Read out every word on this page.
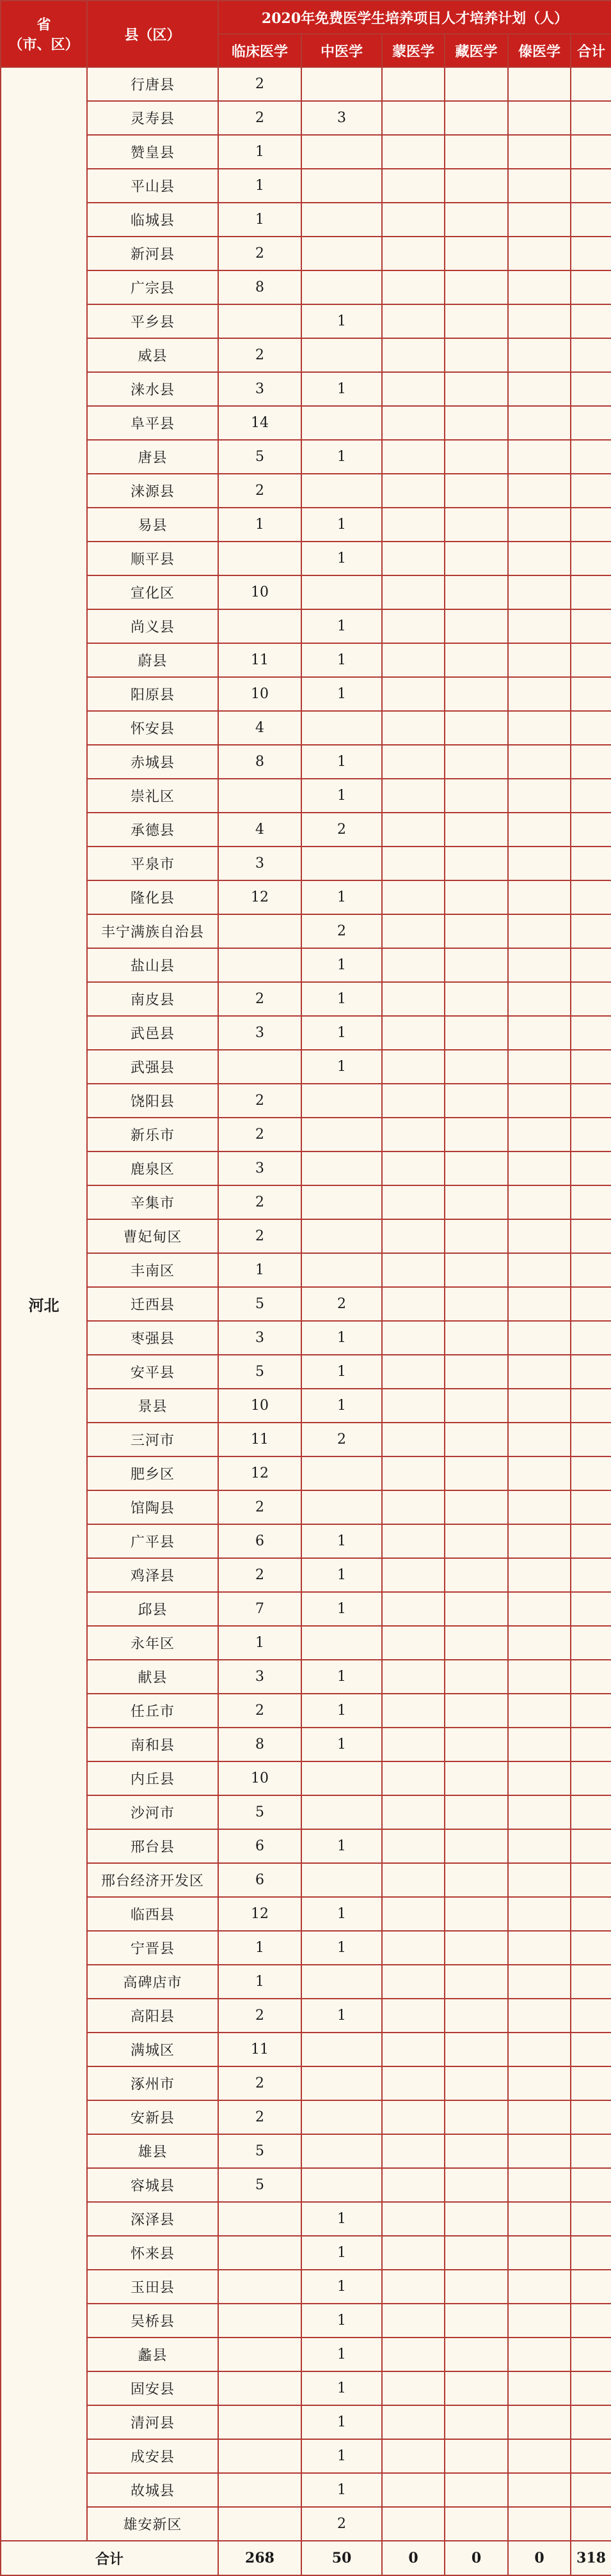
省
（市、区）	县（区）	2020年免费医学生培养项目人才培养计划（人）					
		临床医学	中医学	蒙医学	藏医学	傣医学	合计
河北	行唐县	2					
	灵寿县	2	3				
	赞皇县	1					
	平山县	1					
	临城县	1					
	新河县	2					
	广宗县	8					
	平乡县		1				
	威县	2					
	涞水县	3	1				
	阜平县	14					
	唐县	5	1				
	涞源县	2					
	易县	1	1				
	顺平县		1				
	宣化区	10					
	尚义县		1				
	蔚县	11	1				
	阳原县	10	1				
	怀安县	4					
	赤城县	8	1				
	崇礼区		1				
	承德县	4	2				
	平泉市	3					
	隆化县	12	1				
	丰宁满族自治县		2				
	盐山县		1				
	南皮县	2	1				
	武邑县	3	1				
	武强县		1				
	饶阳县	2					
	新乐市	2					
	鹿泉区	3					
	辛集市	2					
	曹妃甸区	2					
	丰南区	1					
	迁西县	5	2				
	枣强县	3	1				
	安平县	5	1				
	景县	10	1				
	三河市	11	2				
	肥乡区	12					
	馆陶县	2					
	广平县	6	1				
	鸡泽县	2	1				
	邱县	7	1				
	永年区	1					
	献县	3	1				
	任丘市	2	1				
	南和县	8	1				
	内丘县	10					
	沙河市	5					
	邢台县	6	1				
	邢台经济开发区	6					
	临西县	12	1				
	宁晋县	1	1				
	高碑店市	1					
	高阳县	2	1				
	满城区	11					
	涿州市	2					
	安新县	2					
	雄县	5					
	容城县	5					
	深泽县		1				
	怀来县		1				
	玉田县		1				
	吴桥县		1				
	蠡县		1				
	固安县		1				
	清河县		1				
	成安县		1				
	故城县		1				
	雄安新区		2				
合计		268	50	0	0	0	318
